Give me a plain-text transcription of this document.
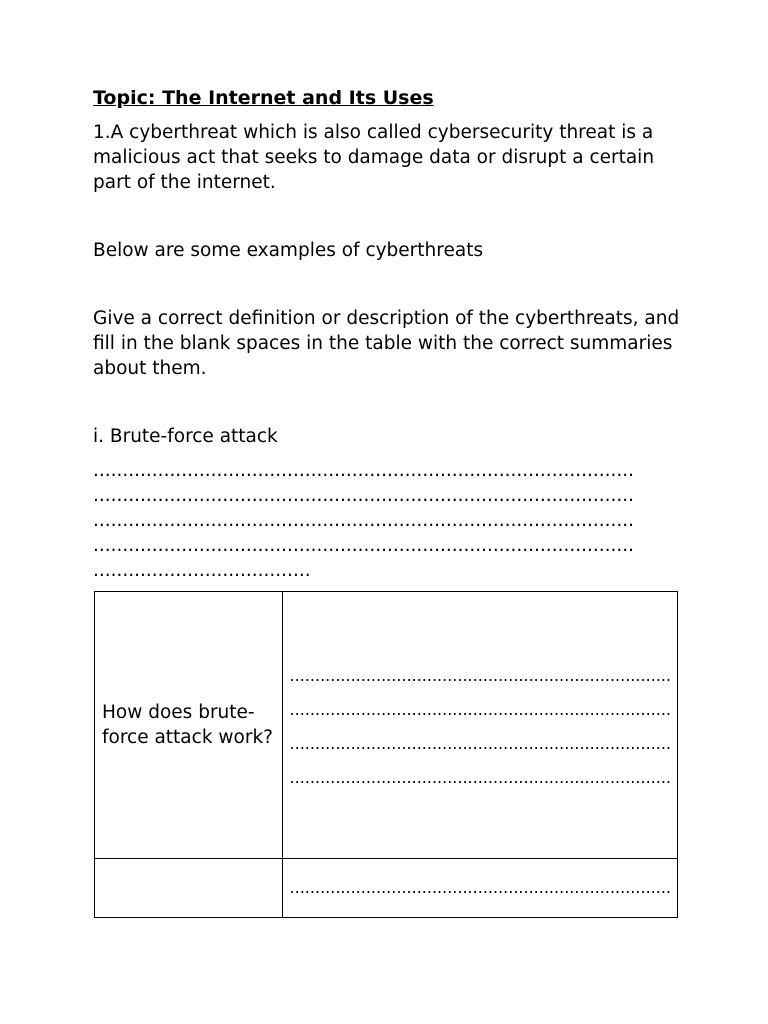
Topic: The Internet and Its Uses
1.A cyberthreat which is also called cybersecurity threat is a malicious act that seeks to damage data or disrupt a certain part of the internet.
Below are some examples of cyberthreats
Give a correct definition or description of the cyberthreats, and fill in the blank spaces in the table with the correct summaries about them.
i. Brute-force attack
............................................................................................
............................................................................................
............................................................................................
............................................................................................
.....................................
How does brute-force attack work?	...........................................................................

...........................................................................

...........................................................................

...........................................................................

	...........................................................................
